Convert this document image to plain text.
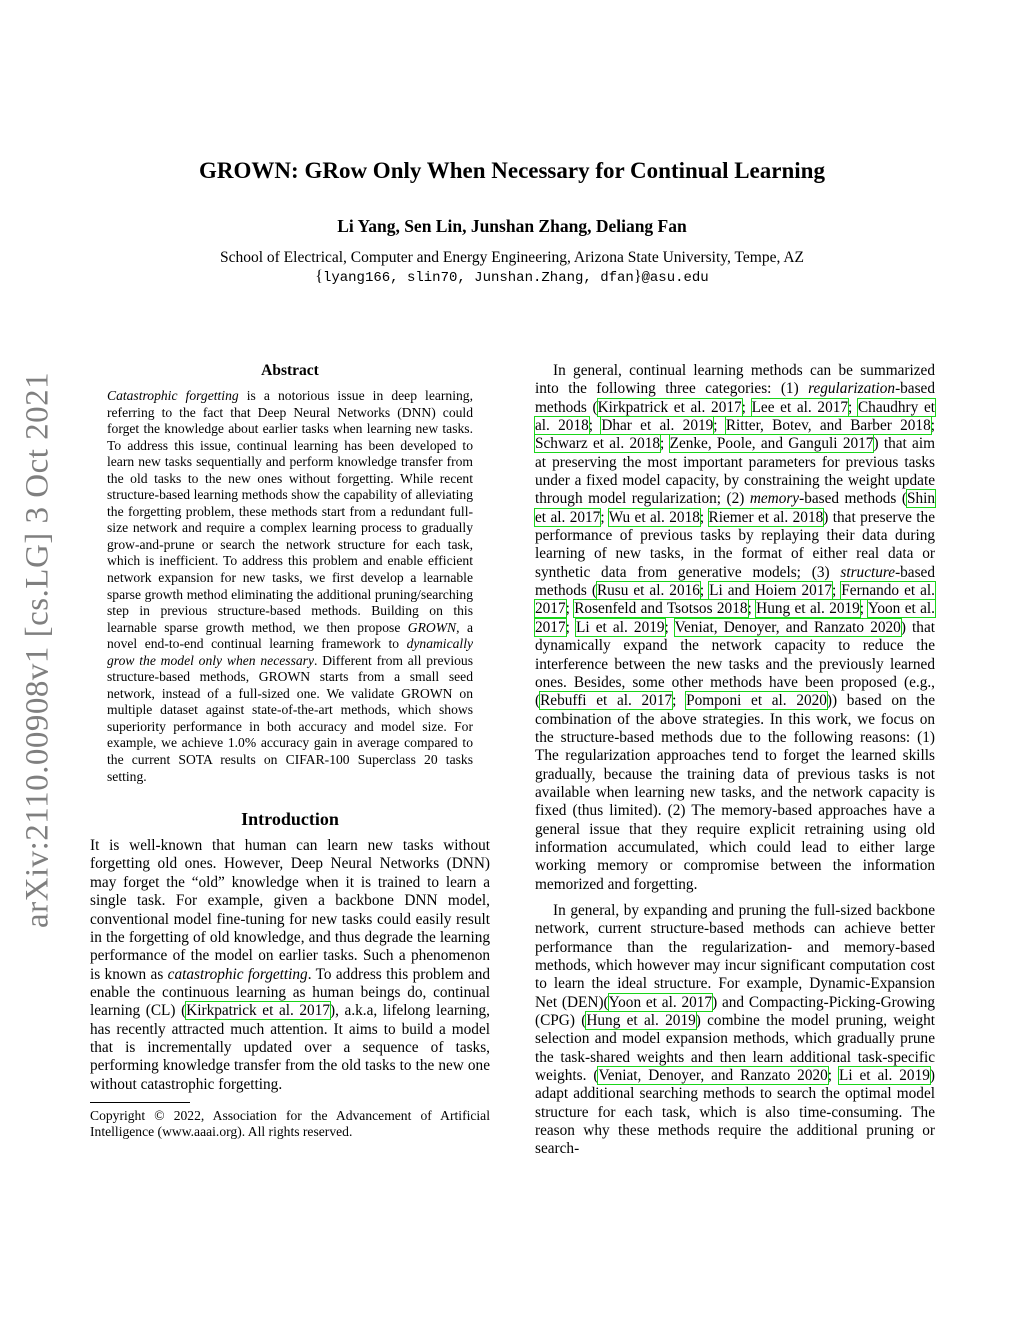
arXiv:2110.00908v1 [cs.LG] 3 Oct 2021
GROWN: GRow Only When Necessary for Continual Learning
Li Yang, Sen Lin, Junshan Zhang, Deliang Fan
School of Electrical, Computer and Energy Engineering, Arizona State University, Tempe, AZ
{lyang166, slin70, Junshan.Zhang, dfan}@asu.edu
Abstract

Catastrophic forgetting is a notorious issue in deep learning, referring to the fact that Deep Neural Networks (DNN) could forget the knowledge about earlier tasks when learning new tasks. To address this issue, continual learning has been developed to learn new tasks sequentially and perform knowledge transfer from the old tasks to the new ones without forgetting. While recent structure-based learning methods show the capability of alleviating the forgetting problem, these methods start from a redundant full-size network and require a complex learning process to gradually grow-and-prune or search the network structure for each task, which is inefficient. To address this problem and enable efficient network expansion for new tasks, we first develop a learnable sparse growth method eliminating the additional pruning/searching step in previous structure-based methods. Building on this learnable sparse growth method, we then propose GROWN, a novel end-to-end continual learning framework to dynamically grow the model only when necessary. Different from all previous structure-based methods, GROWN starts from a small seed network, instead of a full-sized one. We validate GROWN on multiple dataset against state-of-the-art methods, which shows superiority performance in both accuracy and model size. For example, we achieve 1.0% accuracy gain in average compared to the current SOTA results on CIFAR-100 Superclass 20 tasks setting.

Introduction

It is well-known that human can learn new tasks without forgetting old ones. However, Deep Neural Networks (DNN) may forget the “old” knowledge when it is trained to learn a single task. For example, given a backbone DNN model, conventional model fine-tuning for new tasks could easily result in the forgetting of old knowledge, and thus degrade the learning performance of the model on earlier tasks. Such a phenomenon is known as catastrophic forgetting. To address this problem and enable the continuous learning as human beings do, continual learning (CL) (Kirkpatrick et al. 2017), a.k.a, lifelong learning, has recently attracted much attention. It aims to build a model that is incrementally updated over a sequence of tasks, performing knowledge transfer from the old tasks to the new one without catastrophic forgetting.

Copyright © 2022, Association for the Advancement of Artificial Intelligence (www.aaai.org). All rights reserved.

In general, continual learning methods can be summarized into the following three categories: (1) regularization-based methods (Kirkpatrick et al. 2017; Lee et al. 2017; Chaudhry et al. 2018; Dhar et al. 2019; Ritter, Botev, and Barber 2018; Schwarz et al. 2018; Zenke, Poole, and Ganguli 2017) that aim at preserving the most important parameters for previous tasks under a fixed model capacity, by constraining the weight update through model regularization; (2) memory-based methods (Shin et al. 2017; Wu et al. 2018; Riemer et al. 2018) that preserve the performance of previous tasks by replaying their data during learning of new tasks, in the format of either real data or synthetic data from generative models; (3) structure-based methods (Rusu et al. 2016; Li and Hoiem 2017; Fernando et al. 2017; Rosenfeld and Tsotsos 2018; Hung et al. 2019; Yoon et al. 2017; Li et al. 2019; Veniat, Denoyer, and Ranzato 2020) that dynamically expand the network capacity to reduce the interference between the new tasks and the previously learned ones. Besides, some other methods have been proposed (e.g., (Rebuffi et al. 2017; Pomponi et al. 2020)) based on the combination of the above strategies. In this work, we focus on the structure-based methods due to the following reasons: (1) The regularization approaches tend to forget the learned skills gradually, because the training data of previous tasks is not available when learning new tasks, and the network capacity is fixed (thus limited). (2) The memory-based approaches have a general issue that they require explicit retraining using old information accumulated, which could lead to either large working memory or compromise between the information memorized and forgetting.

In general, by expanding and pruning the full-sized backbone network, current structure-based methods can achieve better performance than the regularization- and memory-based methods, which however may incur significant computation cost to learn the ideal structure. For example, Dynamic-Expansion Net (DEN)(Yoon et al. 2017) and Compacting-Picking-Growing (CPG) (Hung et al. 2019) combine the model pruning, weight selection and model expansion methods, which gradually prune the task-shared weights and then learn additional task-specific weights. (Veniat, Denoyer, and Ranzato 2020; Li et al. 2019) adapt additional searching methods to search the optimal model structure for each task, which is also time-consuming. The reason why these methods require the additional pruning or search-
